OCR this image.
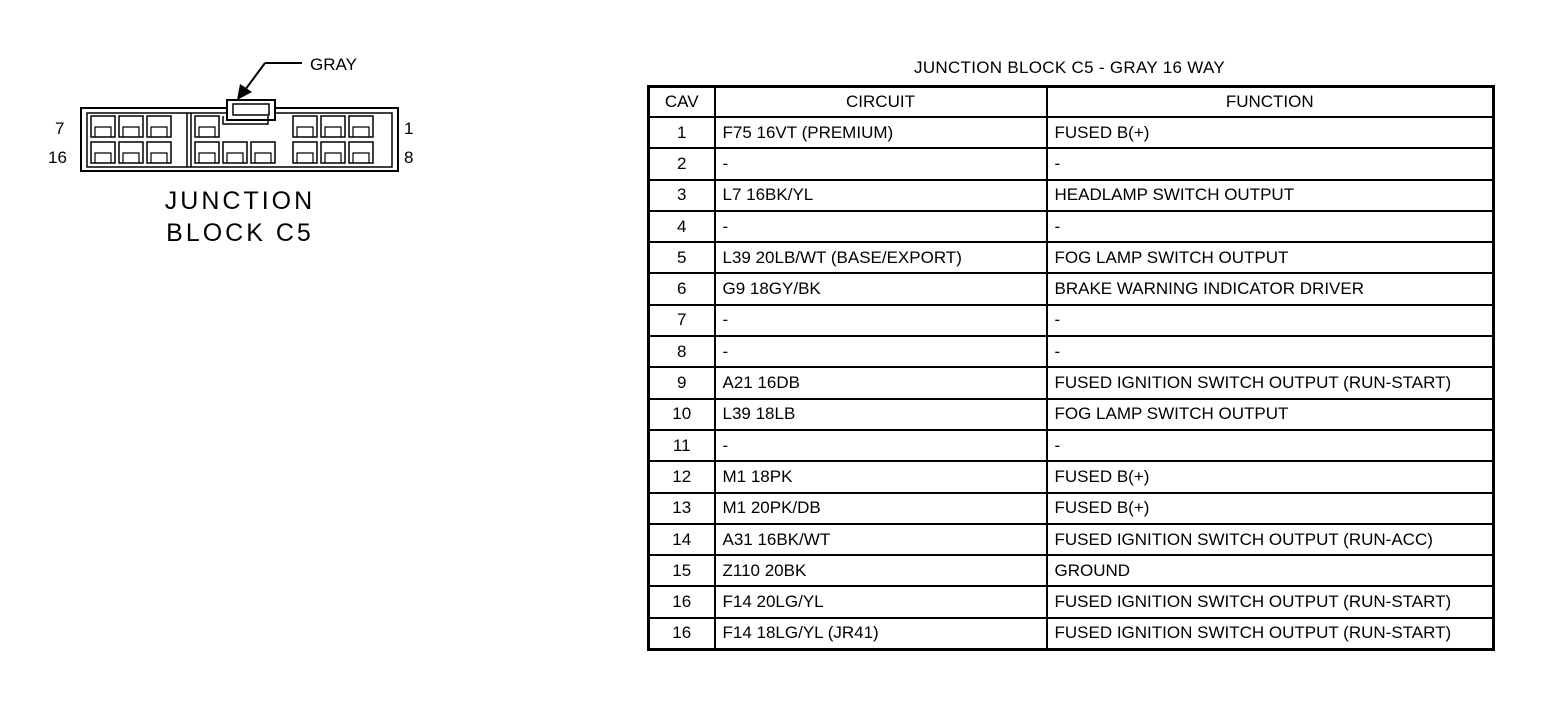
GRAY
7
16
1
8
JUNCTION
BLOCK C5
JUNCTION BLOCK C5 - GRAY 16 WAY
CAV	CIRCUIT	FUNCTION
1	F75 16VT (PREMIUM)	FUSED B(+)
2	-	-
3	L7 16BK/YL	HEADLAMP SWITCH OUTPUT
4	-	-
5	L39 20LB/WT (BASE/EXPORT)	FOG LAMP SWITCH OUTPUT
6	G9 18GY/BK	BRAKE WARNING INDICATOR DRIVER
7	-	-
8	-	-
9	A21 16DB	FUSED IGNITION SWITCH OUTPUT (RUN-START)
10	L39 18LB	FOG LAMP SWITCH OUTPUT
11	-	-
12	M1 18PK	FUSED B(+)
13	M1 20PK/DB	FUSED B(+)
14	A31 16BK/WT	FUSED IGNITION SWITCH OUTPUT (RUN-ACC)
15	Z110 20BK	GROUND
16	F14 20LG/YL	FUSED IGNITION SWITCH OUTPUT (RUN-START)
16	F14 18LG/YL (JR41)	FUSED IGNITION SWITCH OUTPUT (RUN-START)
